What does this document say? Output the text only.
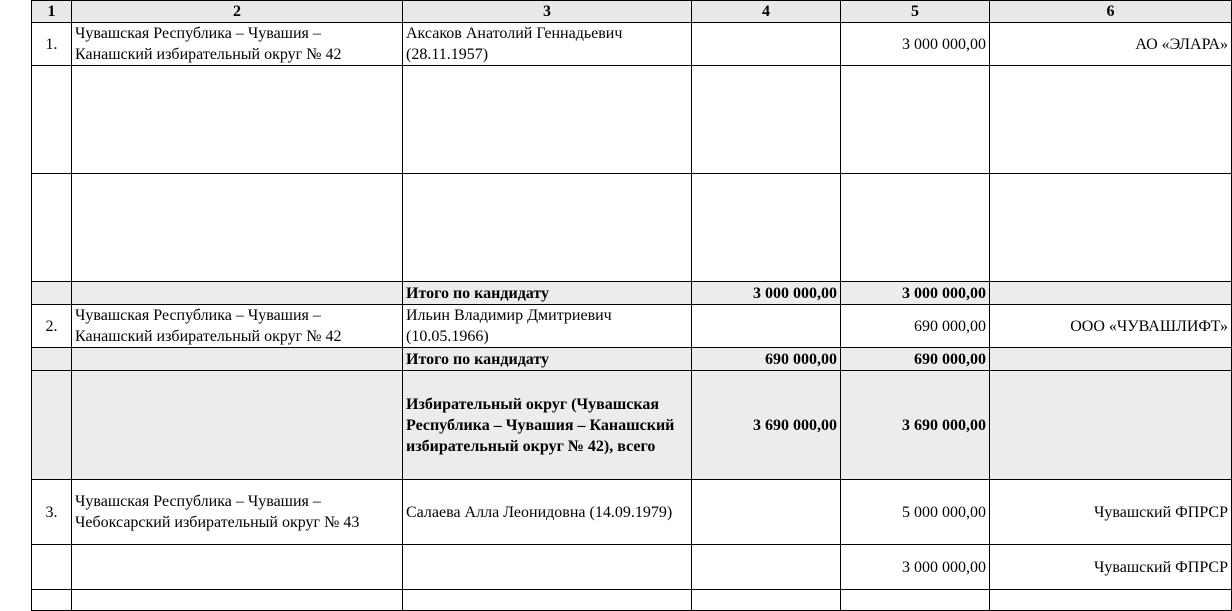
1	2	3	4	5	6
1.	Чувашская Республика – Чувашия – Канашский избирательный округ № 42	Аксаков Анатолий Геннадьевич (28.11.1957)		3 000 000,00	АО «ЭЛАРА»

		Итого по кандидату	3 000 000,00	3 000 000,00	
2.	Чувашская Республика – Чувашия – Канашский избирательный округ № 42	Ильин Владимир Дмитриевич (10.05.1966)		690 000,00	ООО «ЧУВАШЛИФТ»
		Итого по кандидату	690 000,00	690 000,00	
		Избирательный округ (Чувашская Республика – Чувашия – Канашский избирательный округ № 42), всего	3 690 000,00	3 690 000,00	
3.	Чувашская Республика – Чувашия – Чебоксарский избирательный округ № 43	Салаева Алла Леонидовна (14.09.1979)		5 000 000,00	Чувашский ФПРСР
				3 000 000,00	Чувашский ФПРСР
